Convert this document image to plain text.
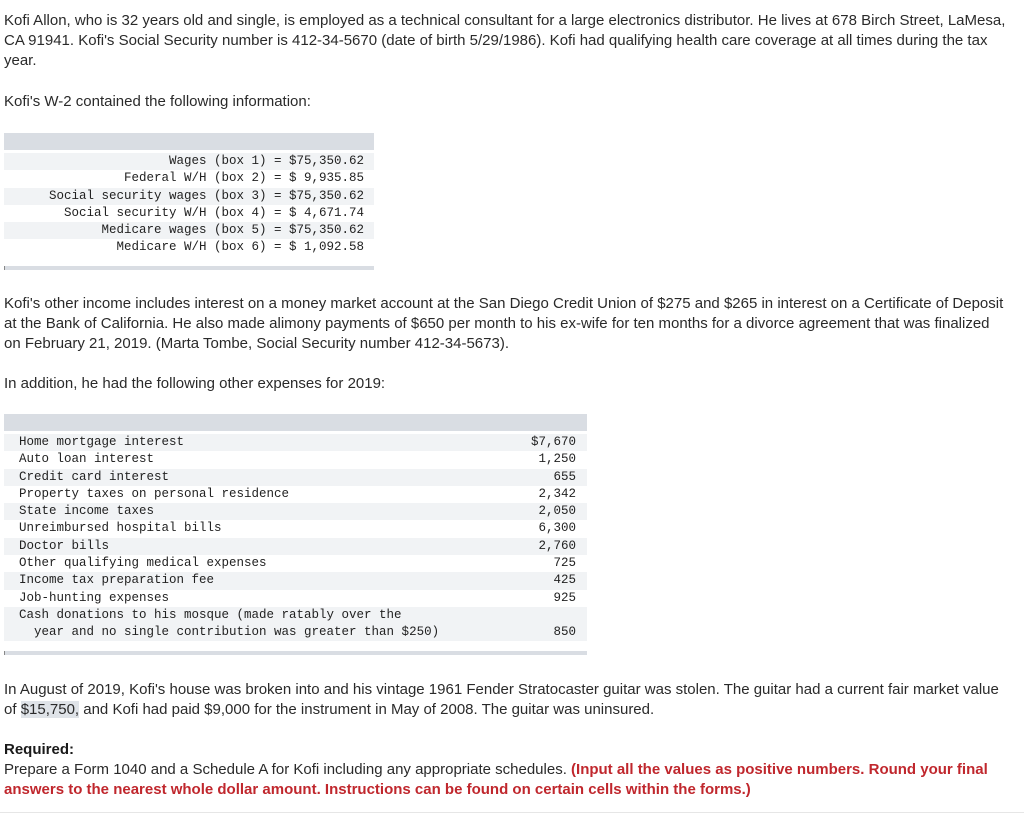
Kofi Allon, who is 32 years old and single, is employed as a technical consultant for a large electronics distributor. He lives at 678 Birch Street, LaMesa, CA 91941. Kofi's Social Security number is 412-34-5670 (date of birth 5/29/1986). Kofi had qualifying health care coverage at all times during the tax year.

Kofi's W-2 contained the following information:

Wages (box 1) = $75,350.62
Federal W/H (box 2) = $ 9,935.85
Social security wages (box 3) = $75,350.62
Social security W/H (box 4) = $ 4,671.74
Medicare wages (box 5) = $75,350.62
Medicare W/H (box 6) = $ 1,092.58

Kofi's other income includes interest on a money market account at the San Diego Credit Union of $275 and $265 in interest on a Certificate of Deposit at the Bank of California. He also made alimony payments of $650 per month to his ex-wife for ten months for a divorce agreement that was finalized on February 21, 2019. (Marta Tombe, Social Security number 412-34-5673).

In addition, he had the following other expenses for 2019:

Home mortgage interest	$7,670
Auto loan interest	1,250
Credit card interest	655
Property taxes on personal residence	2,342
State income taxes	2,050
Unreimbursed hospital bills	6,300
Doctor bills	2,760
Other qualifying medical expenses	725
Income tax preparation fee	425
Job-hunting expenses	925
Cash donations to his mosque (made ratably over the
year and no single contribution was greater than $250)	850

In August of 2019, Kofi's house was broken into and his vintage 1961 Fender Stratocaster guitar was stolen. The guitar had a current fair market value of $15,750, and Kofi had paid $9,000 for the instrument in May of 2008. The guitar was uninsured.

Required:
Prepare a Form 1040 and a Schedule A for Kofi including any appropriate schedules. (Input all the values as positive numbers. Round your final answers to the nearest whole dollar amount. Instructions can be found on certain cells within the forms.)
